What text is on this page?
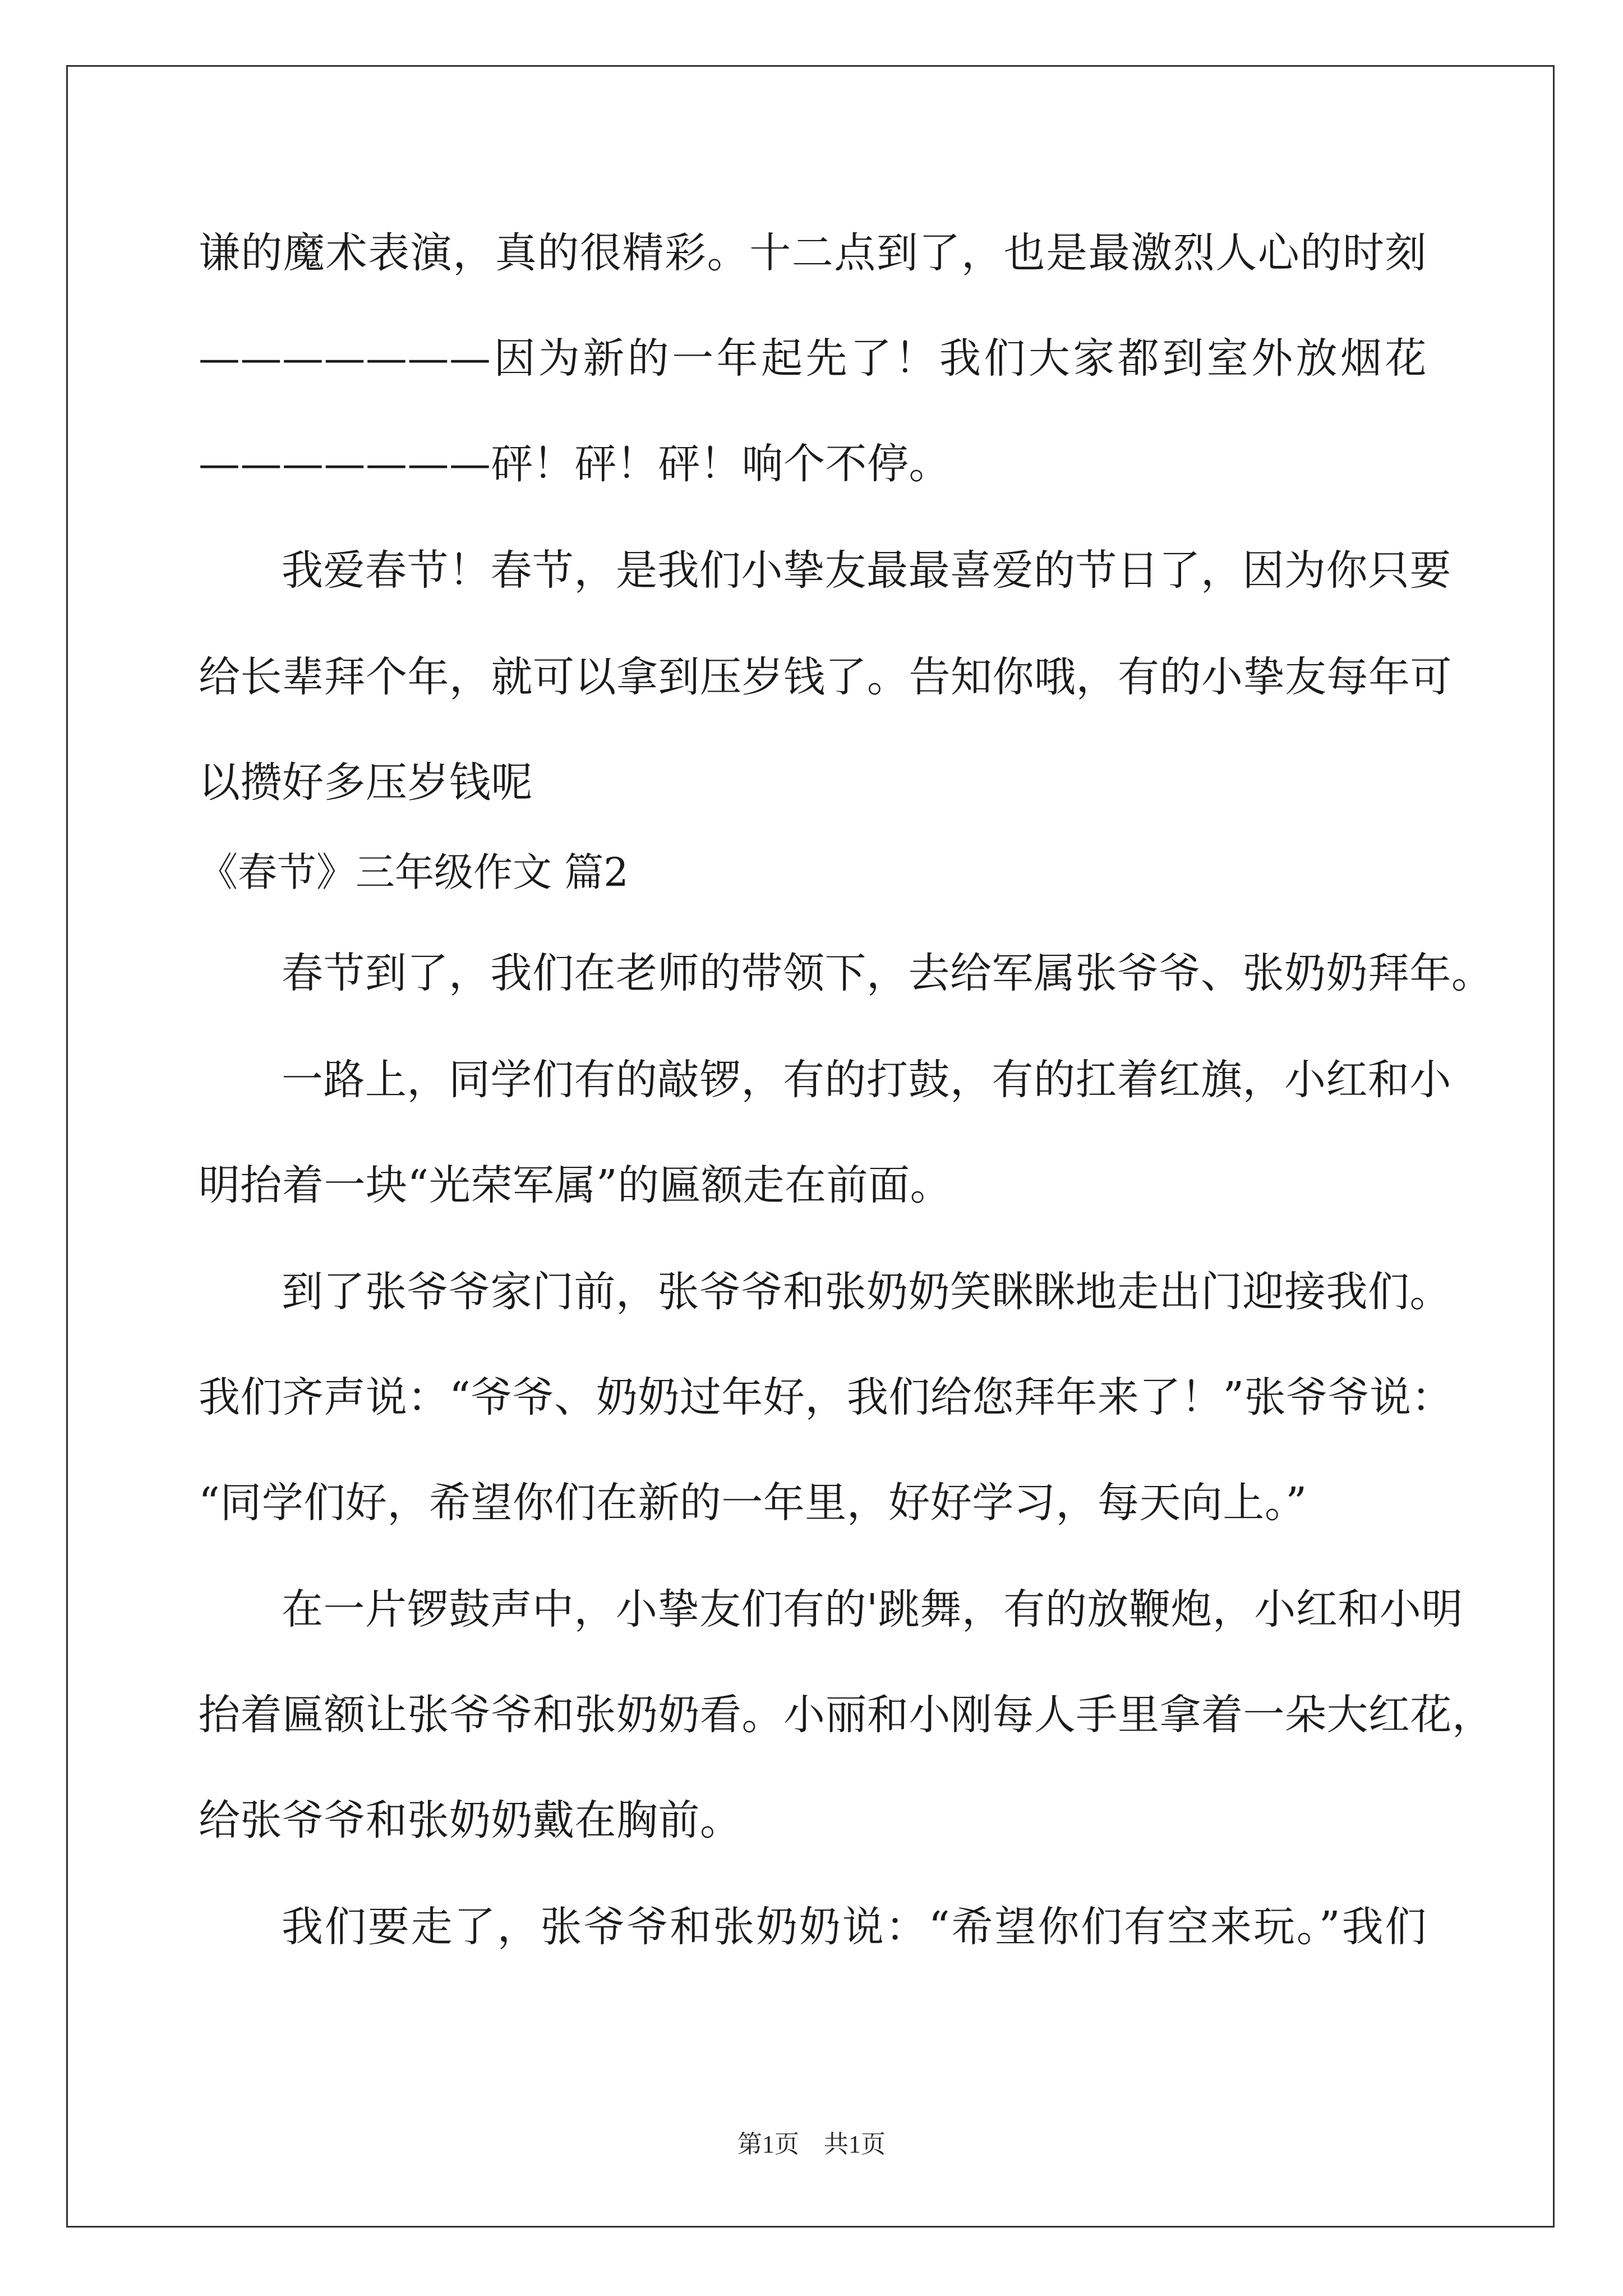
谦的魔术表演，真的很精彩。十二点到了，也是最激烈人心的时刻
———————因为新的一年起先了！我们大家都到室外放烟花
———————砰！砰！砰！响个不停。
我爱春节！春节，是我们小挚友最最喜爱的节日了，因为你只要
给长辈拜个年，就可以拿到压岁钱了。告知你哦，有的小挚友每年可
以攒好多压岁钱呢
《春节》三年级作文 篇2
春节到了，我们在老师的带领下，去给军属张爷爷、张奶奶拜年。
一路上，同学们有的敲锣，有的打鼓，有的扛着红旗，小红和小
明抬着一块“光荣军属”的匾额走在前面。
到了张爷爷家门前，张爷爷和张奶奶笑眯眯地走出门迎接我们。
我们齐声说：“爷爷、奶奶过年好，我们给您拜年来了！”张爷爷说：
“同学们好，希望你们在新的一年里，好好学习，每天向上。”
在一片锣鼓声中，小挚友们有的'跳舞，有的放鞭炮，小红和小明
抬着匾额让张爷爷和张奶奶看。小丽和小刚每人手里拿着一朵大红花，
给张爷爷和张奶奶戴在胸前。
我们要走了，张爷爷和张奶奶说：“希望你们有空来玩。”我们
第1页　共1页
